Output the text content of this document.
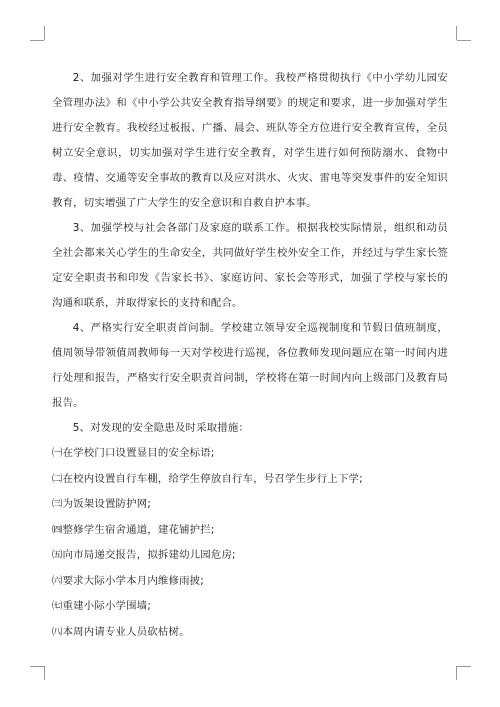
2、加强对学生进行安全教育和管理工作。我校严格贯彻执行《中小学幼儿园安全管理办法》和《中小学公共安全教育指导纲要》的规定和要求，进一步加强对学生进行安全教育。我校经过板报、广播、晨会、班队等全方位进行安全教育宣传，全员树立安全意识，切实加强对学生进行安全教育，对学生进行如何预防溺水、食物中毒、疫情、交通等安全事故的教育以及应对洪水、火灾、雷电等突发事件的安全知识教育，切实增强了广大学生的安全意识和自救自护本事。

3、加强学校与社会各部门及家庭的联系工作。根据我校实际情景，组织和动员全社会都来关心学生的生命安全，共同做好学生校外安全工作，并经过与学生家长签定安全职责书和印发《告家长书》、家庭访问、家长会等形式，加强了学校与家长的沟通和联系，并取得家长的支持和配合。

4、严格实行安全职责首问制。学校建立领导安全巡视制度和节假日值班制度，值周领导带领值周教师每一天对学校进行巡视，各位教师发现问题应在第一时间内进行处理和报告，严格实行安全职责首问制，学校将在第一时间内向上级部门及教育局报告。

5、对发现的安全隐患及时采取措施：

㈠在学校门口设置显目的安全标语;

㈡在校内设置自行车棚，给学生停放自行车，号召学生步行上下学;

㈢为饭架设置防护网;

㈣整修学生宿舍通道，建花铺护拦;

㈤向市局递交报告，拟拆建幼儿园危房;

㈥要求大际小学本月内维修雨披;

㈦重建小际小学围墙;

㈧本周内请专业人员砍枯树。
